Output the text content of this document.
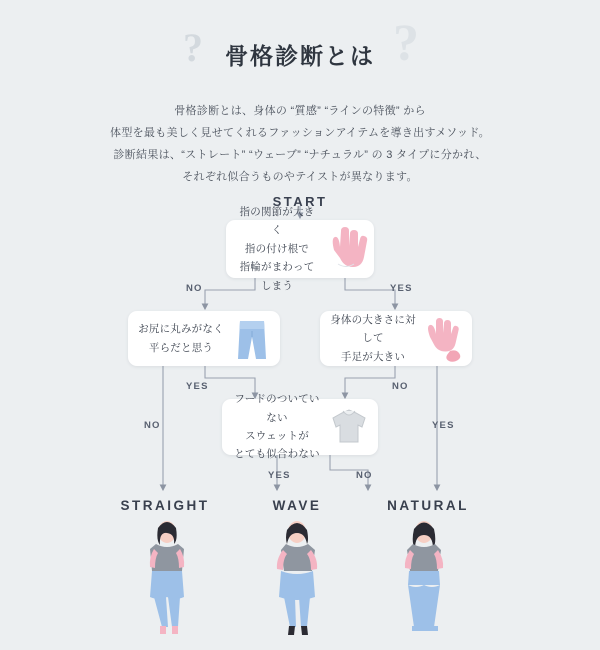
? 骨格診断とは ?
骨格診断とは、身体の “質感” “ラインの特徴” から
体型を最も美しく見せてくれるファッションアイテムを導き出すメソッド。
診断結果は、“ストレート” “ウェーブ” “ナチュラル” の 3 タイプに分かれ、
それぞれ似合うものやテイストが異なります。
START
指の関節が大きく
指の付け根で
指輪がまわってしまう
NO	YES
お尻に丸みがなく
平らだと思う
身体の大きさに対して
手足が大きい
YES
NO
NO
YES
フードのついていない
スウェットが
とても似合わない
YES	NO
STRAIGHT	WAVE	NATURAL
